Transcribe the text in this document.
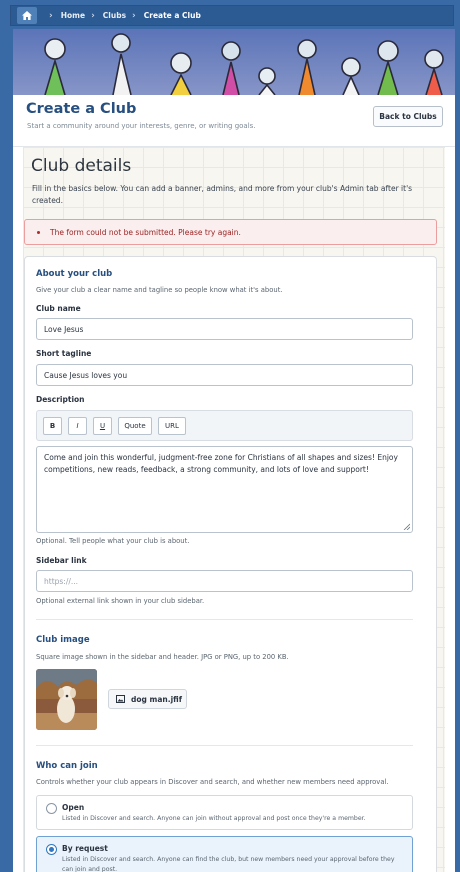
› Home › Clubs › Create a Club
Create a Club
Start a community around your interests, genre, or writing goals.
Back to Clubs
Club details
Fill in the basics below. You can add a banner, admins, and more from your club's Admin tab after it's created.
The form could not be submitted. Please try again.
About your club
Give your club a clear name and tagline so people know what it's about.
Club name
Love Jesus
Short tagline
Cause Jesus loves you
Description
B	I	U	Quote	URL
Come and join this wonderful, judgment-free zone for Christians of all shapes and sizes! Enjoy competitions, new reads, feedback, a strong community, and lots of love and support!
Optional. Tell people what your club is about.
Sidebar link
https://...
Optional external link shown in your club sidebar.
Club image
Square image shown in the sidebar and header. JPG or PNG, up to 200 KB.
dog man.jfif
Who can join
Controls whether your club appears in Discover and search, and whether new members need approval.
Open
Listed in Discover and search. Anyone can join without approval and post once they're a member.
By request
Listed in Discover and search. Anyone can find the club, but new members need your approval before they can join and post.
